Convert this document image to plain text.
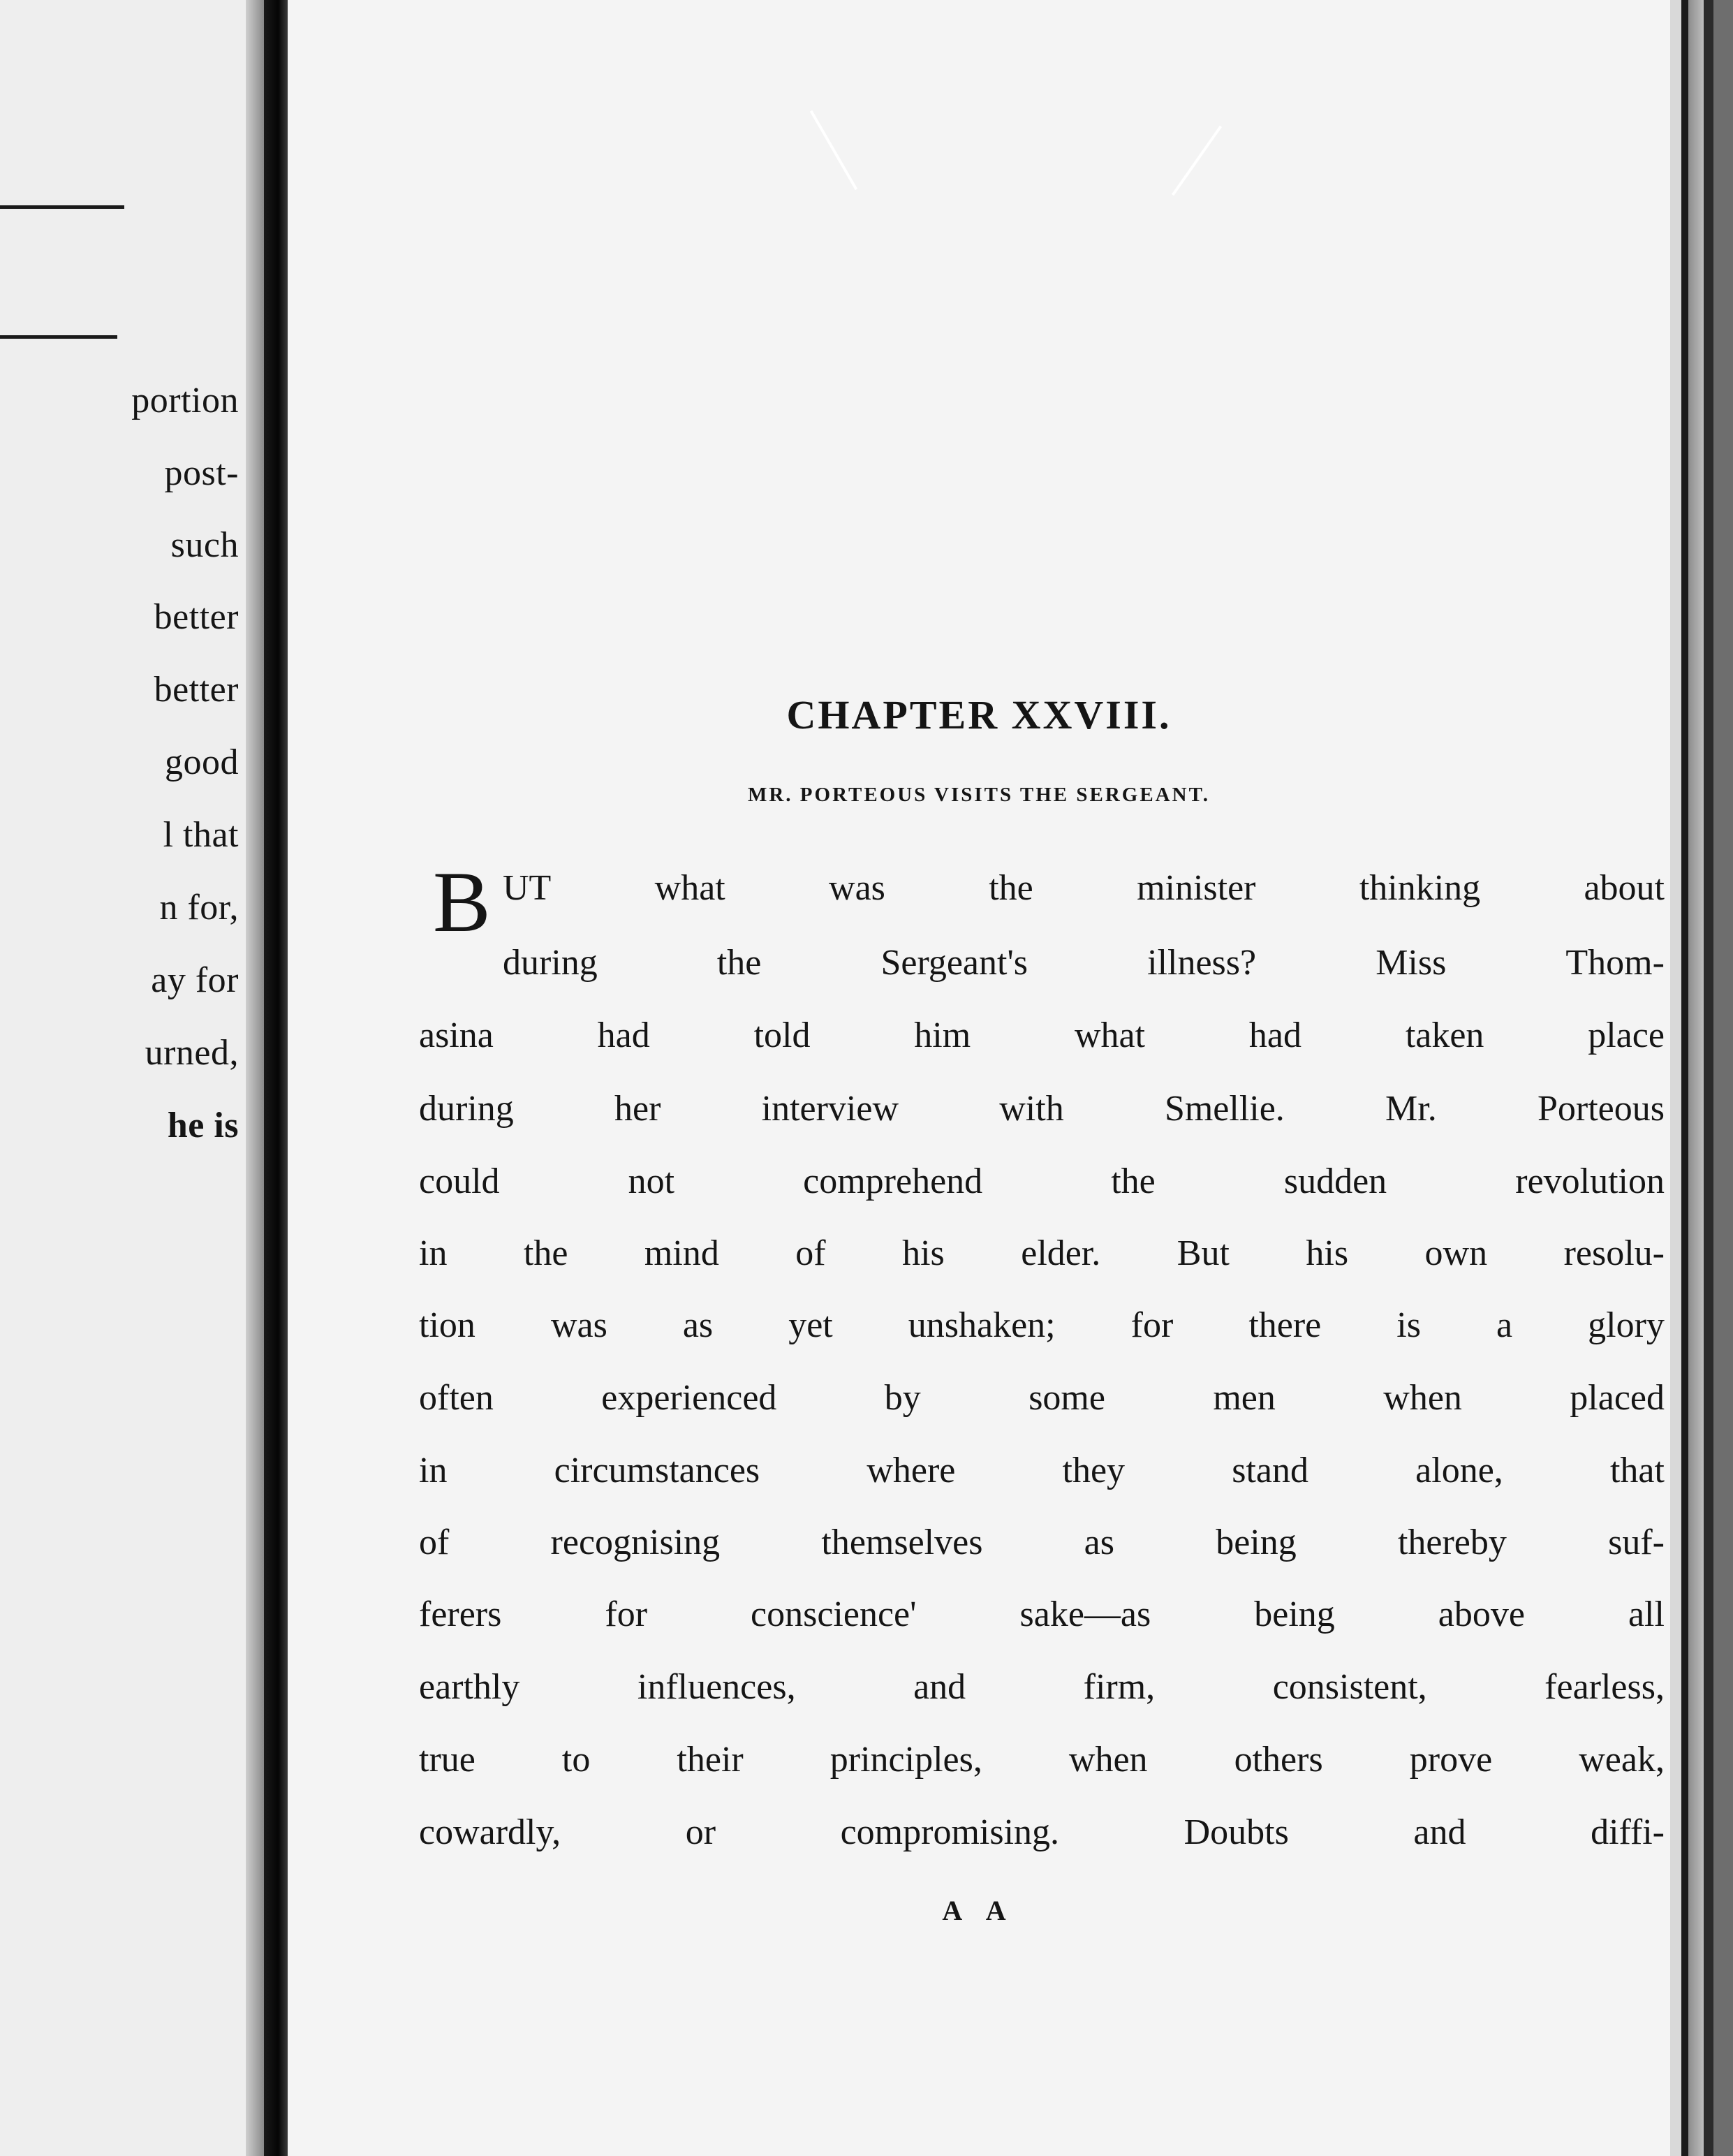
portion
post-
such
better
better
good
l that
n for,
ay for
urned,
he is
CHAPTER XXVIII.
MR. PORTEOUS VISITS THE SERGEANT.
B UT	what	was	the	minister	thinking	about
during	the	Sergeant's	illness?	Miss	Thom-
asina	had	told	him	what	had	taken	place
during	her	interview	with	Smellie.	Mr.	Porteous
could	not	comprehend	the	sudden	revolution
in the mind of his elder. But his own resolu-
tion was as yet unshaken; for there is a glory
often	experienced	by	some	men	when	placed
in	circumstances	where	they	stand	alone,	that
of	recognising	themselves	as	being	thereby	suf-
ferers	for	conscience'	sake—as	being	above	all
earthly	influences,	and	firm,	consistent,	fearless,
true to their principles, when others prove weak,
cowardly,	or	compromising.	Doubts	and	diffi-
A A
